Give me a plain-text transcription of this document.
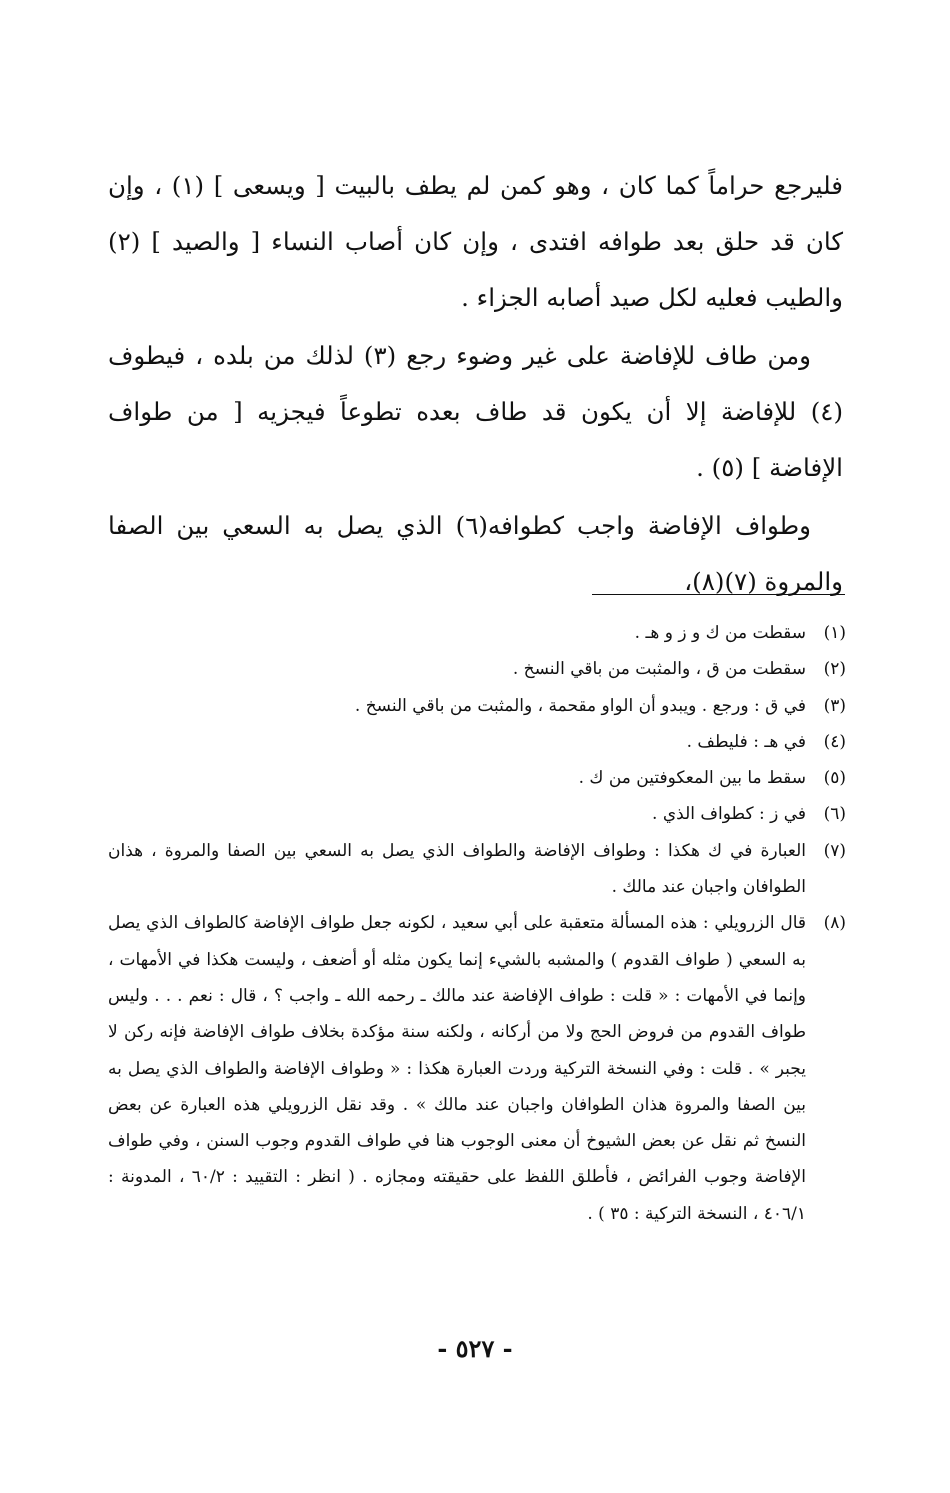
فليرجع حراماً كما كان ، وهو كمن لم يطف بالبيت [ ويسعى ] (١) ، وإن كان قد حلق بعد طوافه افتدى ، وإن كان أصاب النساء [ والصيد ] (٢) والطيب فعليه لكل صيد أصابه الجزاء .

ومن طاف للإفاضة على غير وضوء رجع (٣) لذلك من بلده ، فيطوف (٤) للإفاضة إلا أن يكون قد طاف بعده تطوعاً فيجزيه [ من طواف الإفاضة ] (٥) .

وطواف الإفاضة واجب كطوافه(٦) الذي يصل به السعي بين الصفا والمروة (٧)(٨)،

(١)
سقطت من ك و ز و هـ .
(٢)
سقطت من ق ، والمثبت من باقي النسخ .
(٣)
في ق : ورجع . ويبدو أن الواو مقحمة ، والمثبت من باقي النسخ .
(٤)
في هـ : فليطف .
(٥)
سقط ما بين المعكوفتين من ك .
(٦)
في ز : كطواف الذي .
(٧)
العبارة في ك هكذا : وطواف الإفاضة والطواف الذي يصل به السعي بين الصفا والمروة ، هذان الطوافان واجبان عند مالك .
(٨)
قال الزرويلي : هذه المسألة متعقبة على أبي سعيد ، لكونه جعل طواف الإفاضة كالطواف الذي يصل به السعي ( طواف القدوم ) والمشبه بالشيء إنما يكون مثله أو أضعف ، وليست هكذا في الأمهات ، وإنما في الأمهات : « قلت : طواف الإفاضة عند مالك ـ رحمه الله ـ واجب ؟ ، قال : نعم . . . وليس طواف القدوم من فروض الحج ولا من أركانه ، ولكنه سنة مؤكدة بخلاف طواف الإفاضة فإنه ركن لا يجبر » . قلت : وفي النسخة التركية وردت العبارة هكذا : « وطواف الإفاضة والطواف الذي يصل به بين الصفا والمروة هذان الطوافان واجبان عند مالك » . وقد نقل الزرويلي هذه العبارة عن بعض النسخ ثم نقل عن بعض الشيوخ أن معنى الوجوب هنا في طواف القدوم وجوب السنن ، وفي طواف الإفاضة وجوب الفرائض ، فأطلق اللفظ على حقيقته ومجازه . ( انظر : التقييد : ٦٠/٢ ، المدونة : ٤٠٦/١ ، النسخة التركية : ٣٥ ) .
- ٥٢٧ -
